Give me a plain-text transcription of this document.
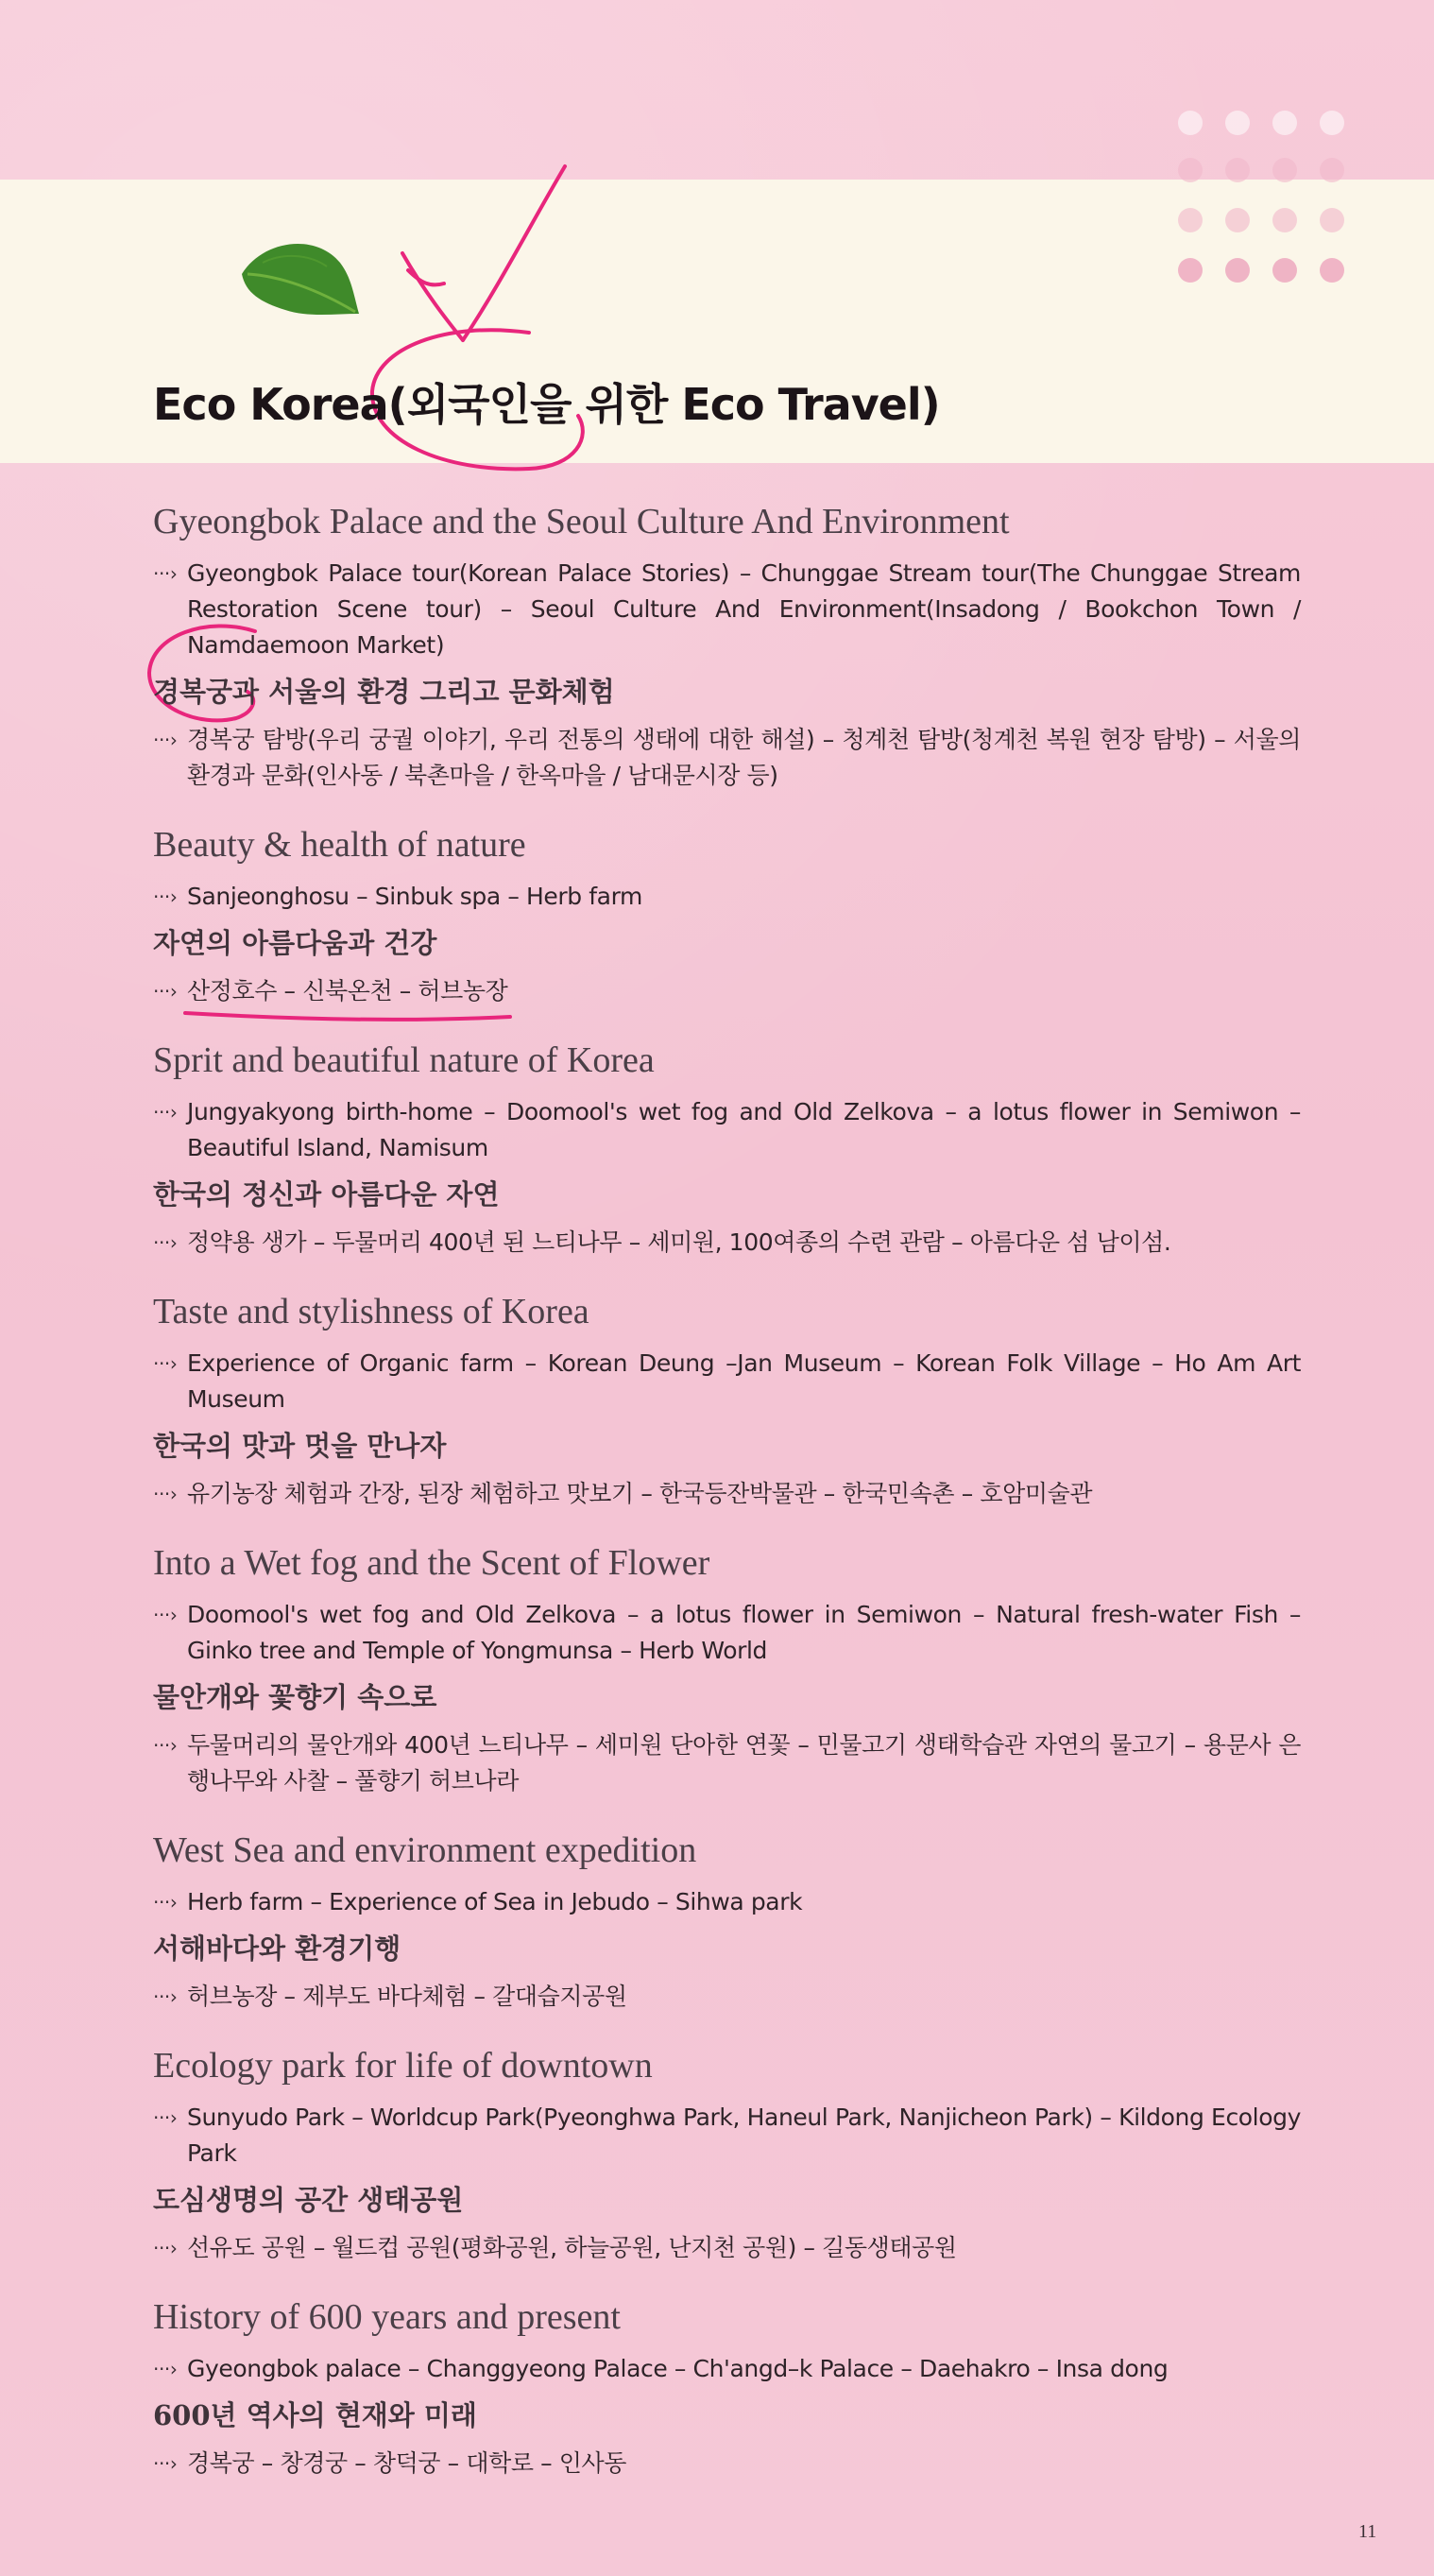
Eco Korea(외국인을 위한 Eco Travel)
Gyeongbok Palace and the Seoul Culture And Environment
···› Gyeongbok Palace tour(Korean Palace Stories) – Chunggae Stream tour(The Chunggae Stream Restoration Scene tour) – Seoul Culture And Environment(Insadong / Bookchon Town / Namdaemoon Market)
경복궁과 서울의 환경 그리고 문화체험
···› 경복궁 탐방(우리 궁궐 이야기, 우리 전통의 생태에 대한 해설) – 청계천 탐방(청계천 복원 현장 탐방) – 서울의 환경과 문화(인사동 / 북촌마을 / 한옥마을 / 남대문시장 등)
Beauty & health of nature
···› Sanjeonghosu – Sinbuk spa – Herb farm
자연의 아름다움과 건강
···› 산정호수 – 신북온천 – 허브농장
Sprit and beautiful nature of Korea
···› Jungyakyong birth-home – Doomool's wet fog and Old Zelkova – a lotus flower in Semiwon – Beautiful Island, Namisum
한국의 정신과 아름다운 자연
···› 정약용 생가 – 두물머리 400년 된 느티나무 – 세미원, 100여종의 수련 관람 – 아름다운 섬 남이섬.
Taste and stylishness of Korea
···› Experience of Organic farm – Korean Deung –Jan Museum – Korean Folk Village – Ho Am Art Museum
한국의 맛과 멋을 만나자
···› 유기농장 체험과 간장, 된장 체험하고 맛보기 – 한국등잔박물관 – 한국민속촌 – 호암미술관
Into a Wet fog and the Scent of Flower
···› Doomool's wet fog and Old Zelkova – a lotus flower in Semiwon – Natural fresh-water Fish – Ginko tree and Temple of Yongmunsa – Herb World
물안개와 꽃향기 속으로
···› 두물머리의 물안개와 400년 느티나무 – 세미원 단아한 연꽃 – 민물고기 생태학습관 자연의 물고기 – 용문사 은행나무와 사찰 – 풀향기 허브나라
West Sea and environment expedition
···› Herb farm – Experience of Sea in Jebudo – Sihwa park
서해바다와 환경기행
···› 허브농장 – 제부도 바다체험 – 갈대습지공원
Ecology park for life of downtown
···› Sunyudo Park – Worldcup Park(Pyeonghwa Park, Haneul Park, Nanjicheon Park) – Kildong Ecology Park
도심생명의 공간 생태공원
···› 선유도 공원 – 월드컵 공원(평화공원, 하늘공원, 난지천 공원) – 길동생태공원
History of 600 years and present
···› Gyeongbok palace – Changgyeong Palace – Ch'angd–k Palace – Daehakro – Insa dong
600년 역사의 현재와 미래
···› 경복궁 – 창경궁 – 창덕궁 – 대학로 – 인사동
11
